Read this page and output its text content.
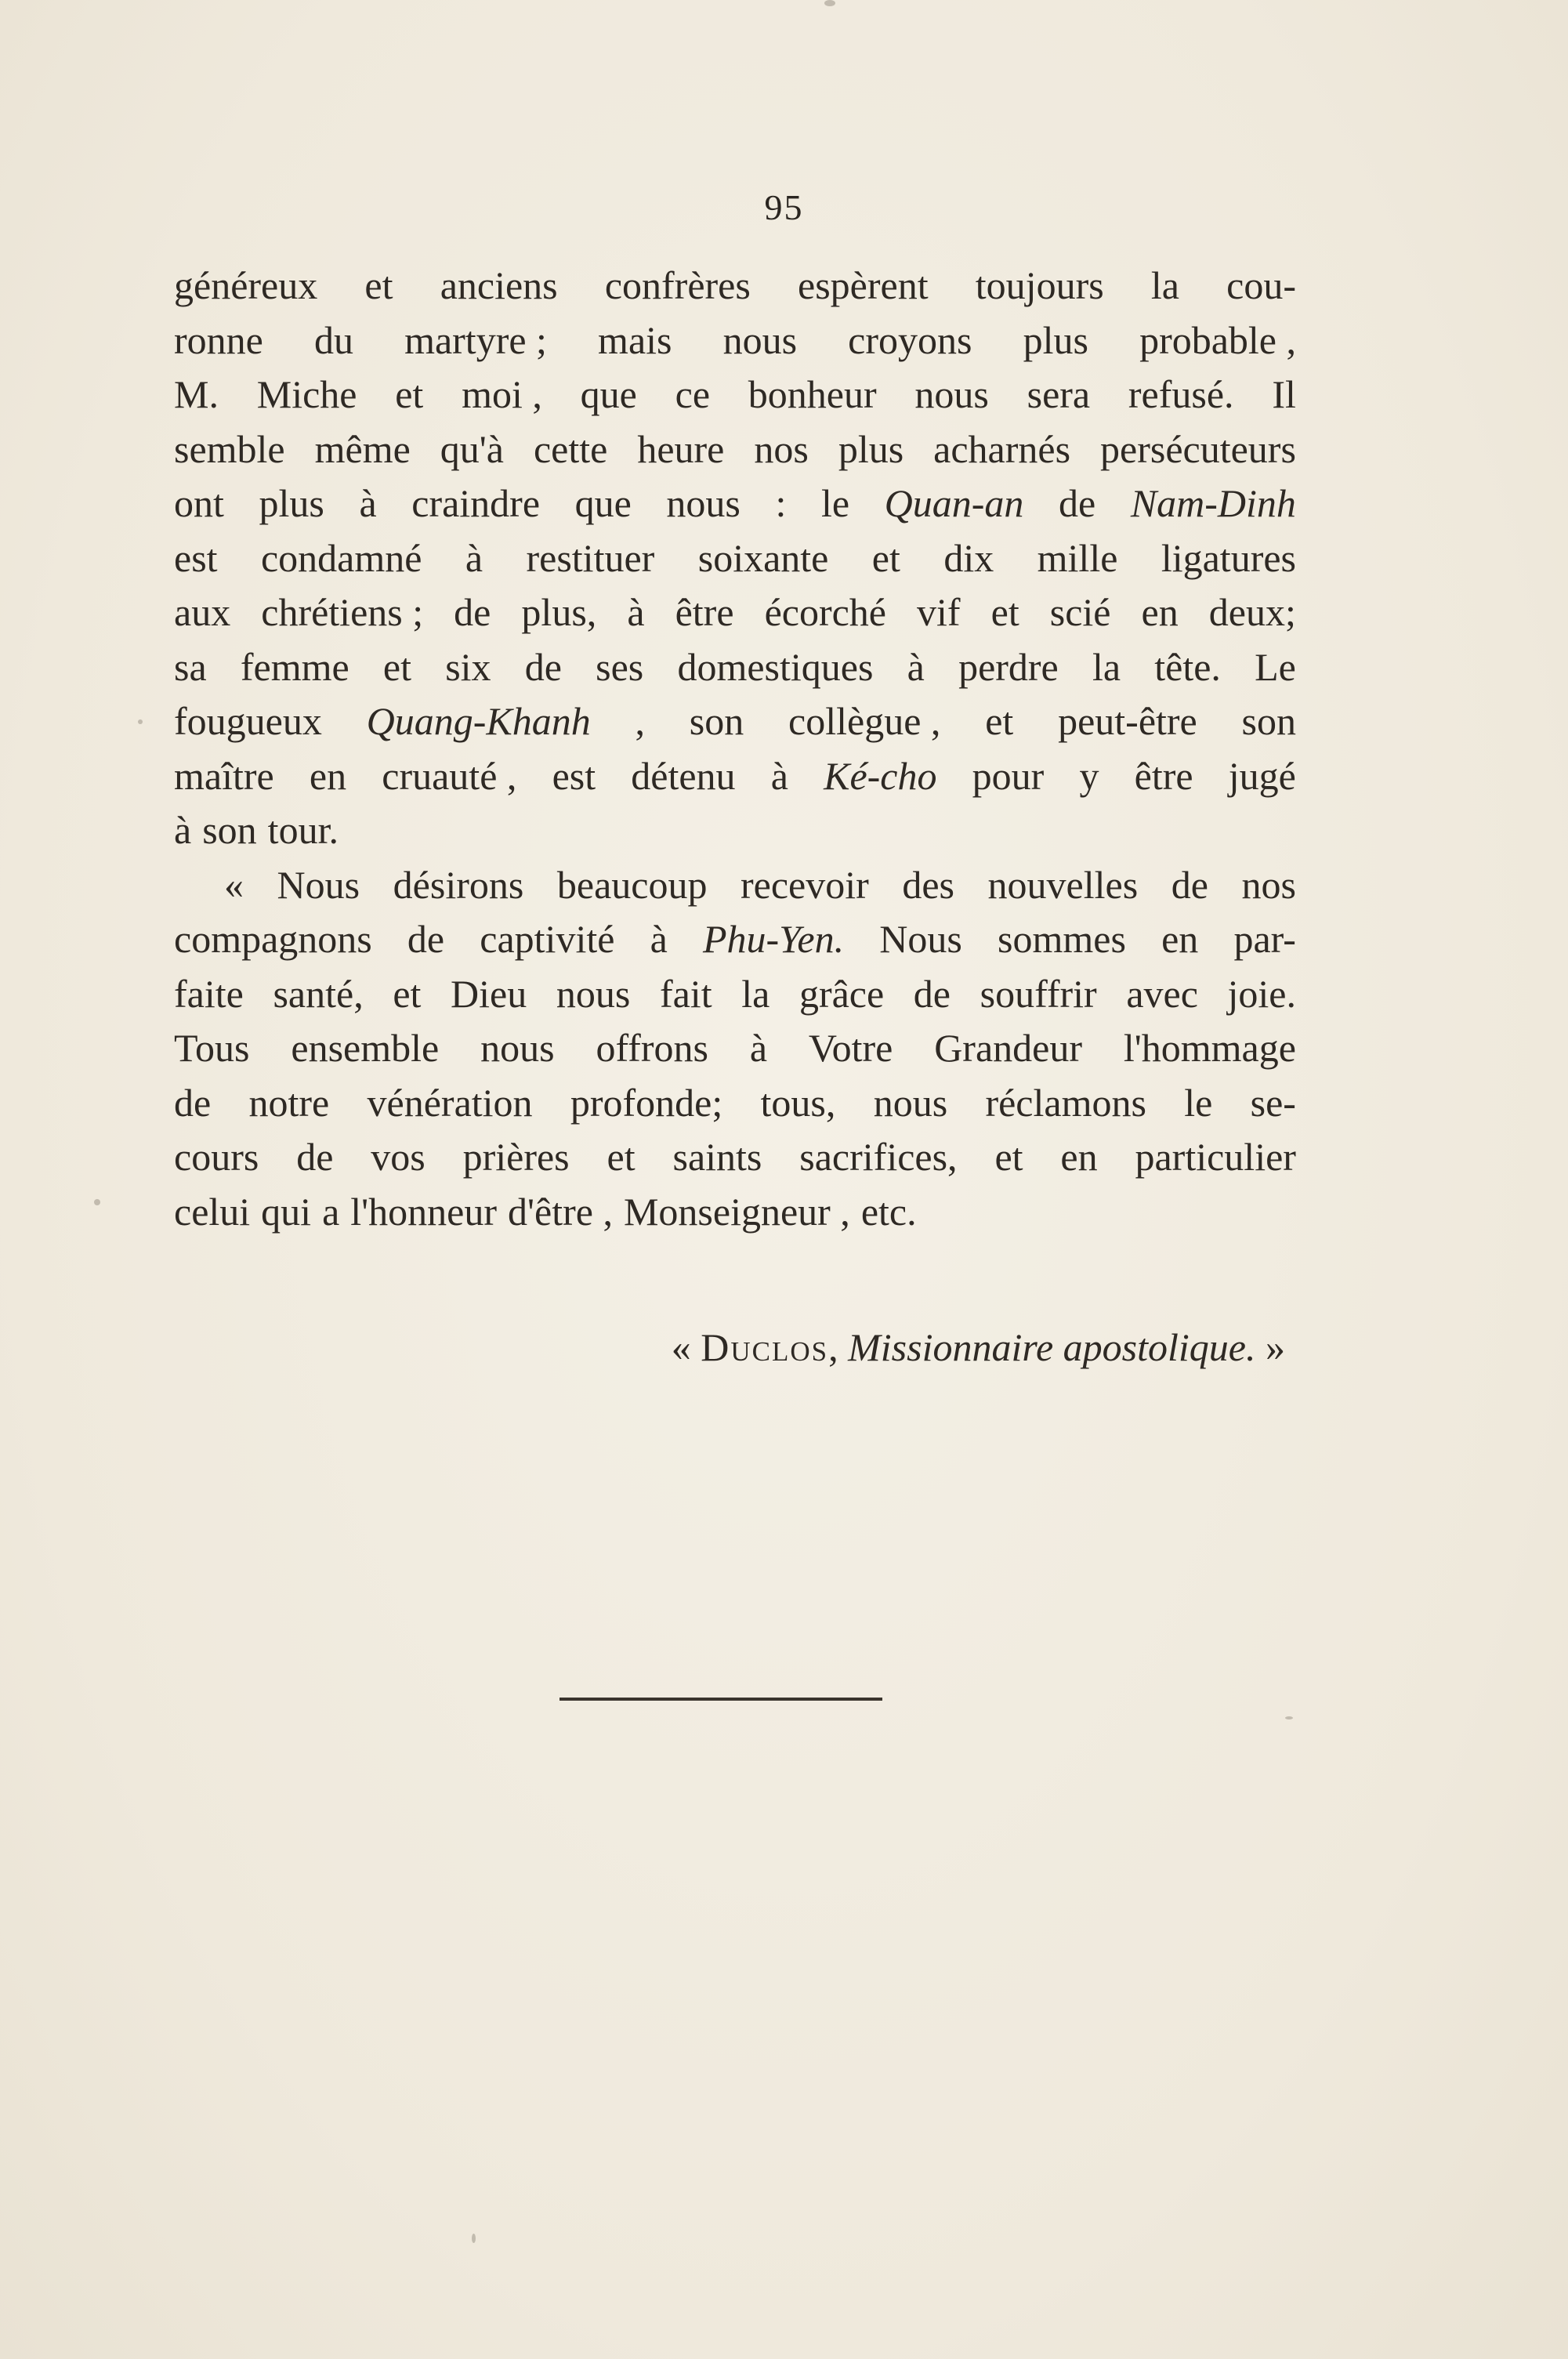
95
généreux et anciens confrères espèrent toujours la cou-
ronne du martyre ; mais nous croyons plus probable ,
M. Miche et moi , que ce bonheur nous sera refusé. Il
semble même qu'à cette heure nos plus acharnés persécuteurs
ont plus à craindre que nous : le Quan-an de Nam-Dinh
est condamné à restituer soixante et dix mille ligatures
aux chrétiens ; de plus, à être écorché vif et scié en deux;
sa femme et six de ses domestiques à perdre la tête. Le
fougueux Quang-Khanh , son collègue , et peut-être son
maître en cruauté , est détenu à Ké-cho pour y être jugé
à son tour.
« Nous désirons beaucoup recevoir des nouvelles de nos
compagnons de captivité à Phu-Yen. Nous sommes en par-
faite santé, et Dieu nous fait la grâce de souffrir avec joie.
Tous ensemble nous offrons à Votre Grandeur l'hommage
de notre vénération profonde; tous, nous réclamons le se-
cours de vos prières et saints sacrifices, et en particulier
celui qui a l'honneur d'être , Monseigneur , etc.
« Duclos, Missionnaire apostolique. »
